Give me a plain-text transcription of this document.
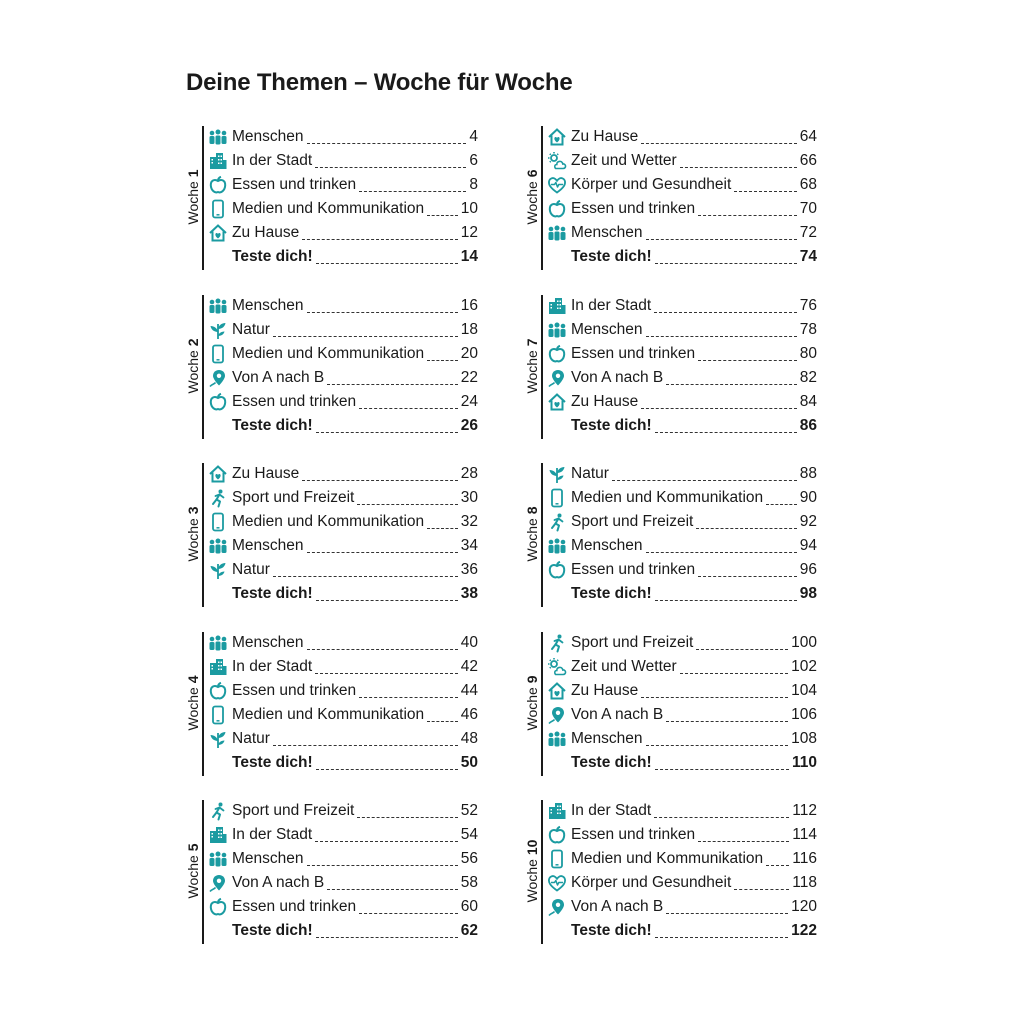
Deine Themen – Woche für Woche
Woche 1
Menschen	4
In der Stadt	6
Essen und trinken	8
Medien und Kommunikation 10
Zu Hause	12
Teste dich!	14
Woche 2
Menschen	16
Natur	18
Medien und Kommunikation 20
Von A nach B	22
Essen und trinken	24
Teste dich!	26
Woche 3
Zu Hause	28
Sport und Freizeit	30
Medien und Kommunikation 32
Menschen	34
Natur	36
Teste dich!	38
Woche 4
Menschen	40
In der Stadt	42
Essen und trinken	44
Medien und Kommunikation 46
Natur	48
Teste dich!	50
Woche 5
Sport und Freizeit	52
In der Stadt	54
Menschen	56
Von A nach B	58
Essen und trinken	60
Teste dich!	62
Woche 6
Zu Hause	64
Zeit und Wetter	66
Körper und Gesundheit	68
Essen und trinken	70
Menschen	72
Teste dich!	74
Woche 7
In der Stadt	76
Menschen	78
Essen und trinken	80
Von A nach B	82
Zu Hause	84
Teste dich!	86
Woche 8
Natur	88
Medien und Kommunikation 90
Sport und Freizeit	92
Menschen	94
Essen und trinken	96
Teste dich!	98
Woche 9
Sport und Freizeit	100
Zeit und Wetter	102
Zu Hause	104
Von A nach B	106
Menschen	108
Teste dich!	110
Woche 10
In der Stadt	112
Essen und trinken	114
Medien und Kommunikation 116
Körper und Gesundheit	118
Von A nach B	120
Teste dich!	122
